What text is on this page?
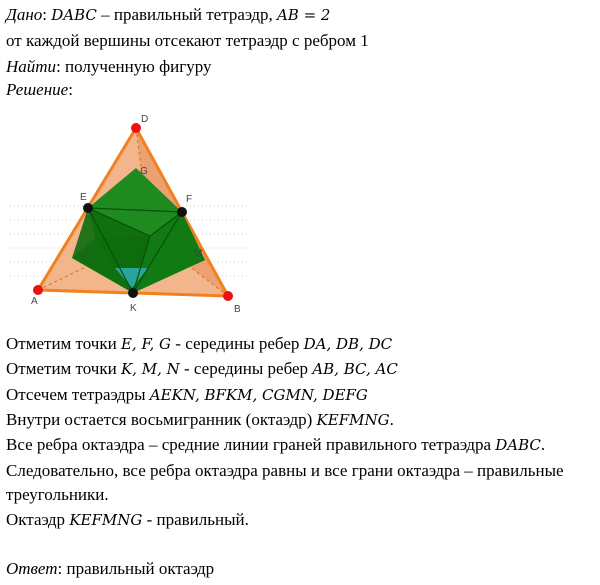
Дано: DABC – правильный тетраэдр, AB = 2
от каждой вершины отсекают тетраэдр с ребром 1
Найти: полученную фигуру
Решение:
D
A
B
E	F
K
G
N	M
Отметим точки E, F, G - середины ребер DA, DB, DC
Отметим точки K, M, N - середины ребер AB, BC, AC
Отсечем тетраэдры AEKN, BFKM, CGMN, DEFG
Внутри остается восьмигранник (октаэдр) KEFMNG.
Все ребра октаэдра – средние линии граней правильного тетраэдра DABC.
Следовательно, все ребра октаэдра равны и все грани октаэдра – правильные
треугольники.
Октаэдр KEFMNG - правильный.
Ответ: правильный октаэдр
